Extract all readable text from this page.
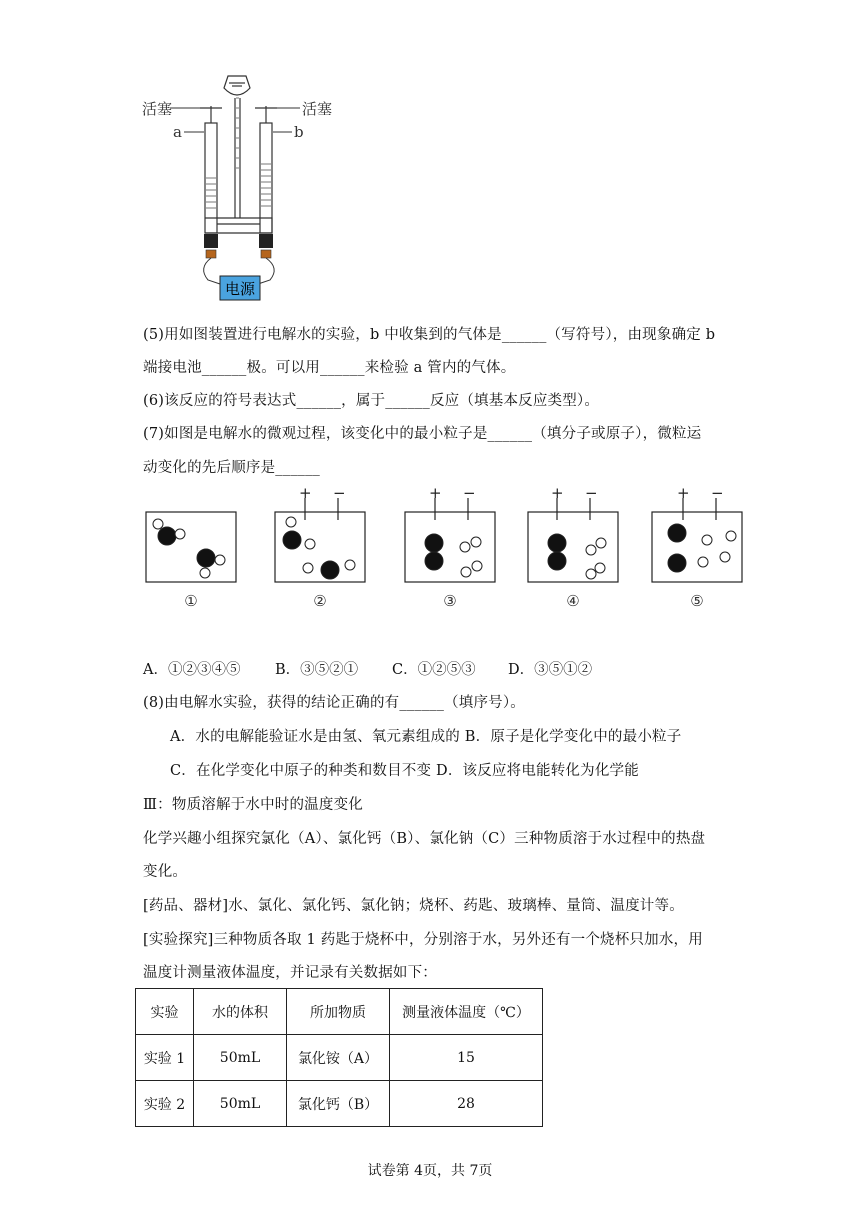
电源
活塞	活塞
a	b
(5)用如图装置进行电解水的实验，b 中收集到的气体是______（写符号），由现象确定 b
端接电池______极。可以用______来检验 a 管内的气体。
(6)该反应的符号表达式______，属于______反应（填基本反应类型）。
(7)如图是电解水的微观过程，该变化中的最小粒子是______（填分子或原子），微粒运
动变化的先后顺序是______
+ −	+ −	+ −	+ −
①	②	③	④	⑤
A．①②③④⑤ B．③⑤②① C．①②⑤③ D．③⑤①②
(8)由电解水实验，获得的结论正确的有______（填序号）。
A．水的电解能验证水是由氢、氧元素组成的 B．原子是化学变化中的最小粒子
C．在化学变化中原子的种类和数目不变 D．该反应将电能转化为化学能
Ⅲ：物质溶解于水中时的温度变化
化学兴趣小组探究氯化（A）、氯化钙（B）、氯化钠（C）三种物质溶于水过程中的热盘
变化。
[药品、器材]水、氯化、氯化钙、氯化钠；烧杯、药匙、玻璃棒、量筒、温度计等。
[实验探究]三种物质各取 1 药匙于烧杯中，分别溶于水，另外还有一个烧杯只加水，用
温度计测量液体温度，并记录有关数据如下：
实验	水的体积	所加物质	测量液体温度（℃）
实验 1	50mL	氯化铵（A）	15
实验 2	50mL	氯化钙（B）	28
试卷第 4页，共 7页
